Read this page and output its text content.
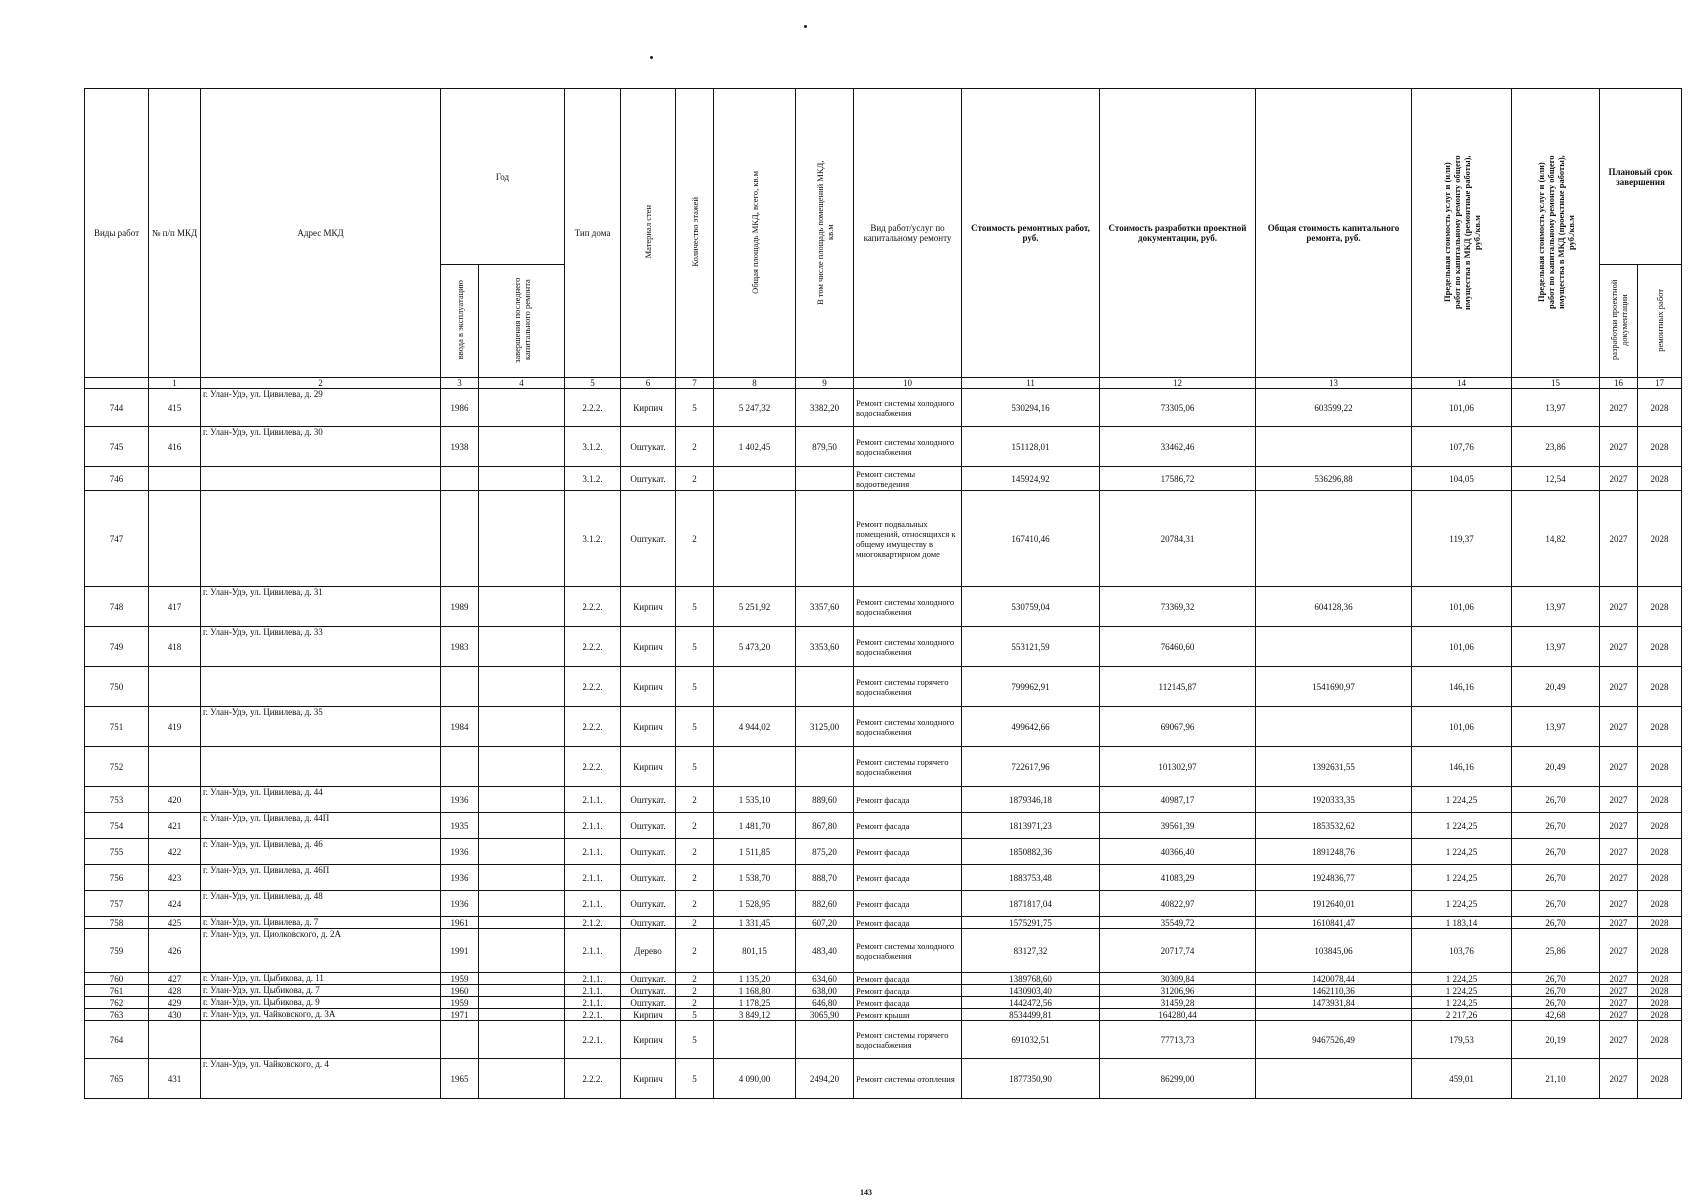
Виды работ	№ п/п МКД	Адрес МКД	Год		Тип дома	Материал стен	Количество этажей	Общая площадь МКД, всего, кв.м	В том числе площадь помещений МКД, кв.м	Вид работ/услуг по капитальному ремонту	Стоимость ремонтных работ, руб.	Стоимость разработки проектной документации, руб.	Общая стоимость капитального ремонта, руб.	Предельная стоимость услуг и (или) работ по капитальному ремонту общего имущества в МКД (ремонтные работы), руб./кв.м	Предельная стоимость услуг и (или) работ по капитальному ремонту общего имущества в МКД (проектные работы), руб./кв.м	Плановый срок завершения	
			ввода в эксплуатацию	завершения последнего капитального ремонта												разработки проектной документации	ремонтных работ
	1	2	3	4	5	6	7	8	9	10	11	12	13	14	15	16	17
744	415	г. Улан-Удэ, ул. Цивилева, д. 29	1986		2.2.2.	Кирпич	5	5 247,32	3382,20	Ремонт системы холодного водоснабжения	530294,16	73305,06	603599,22	101,06	13,97	2027	2028
745	416	г. Улан-Удэ, ул. Цивилева, д. 30	1938		3.1.2.	Оштукат.	2	1 402,45	879,50	Ремонт системы холодного водоснабжения	151128,01	33462,46		107,76	23,86	2027	2028
746					3.1.2.	Оштукат.	2			Ремонт системы водоотведения	145924,92	17586,72	536296,88	104,05	12,54	2027	2028
747					3.1.2.	Оштукат.	2			Ремонт подвальных помещений, относящихся к общему имуществу в многоквартирном доме	167410,46	20784,31		119,37	14,82	2027	2028
748	417	г. Улан-Удэ, ул. Цивилева, д. 31	1989		2.2.2.	Кирпич	5	5 251,92	3357,60	Ремонт системы холодного водоснабжения	530759,04	73369,32	604128,36	101,06	13,97	2027	2028
749	418	г. Улан-Удэ, ул. Цивилева, д. 33	1983		2.2.2.	Кирпич	5	5 473,20	3353,60	Ремонт системы холодного водоснабжения	553121,59	76460,60		101,06	13,97	2027	2028
750					2.2.2.	Кирпич	5			Ремонт системы горячего водоснабжения	799962,91	112145,87	1541690,97	146,16	20,49	2027	2028
751	419	г. Улан-Удэ, ул. Цивилева, д. 35	1984		2.2.2.	Кирпич	5	4 944,02	3125,00	Ремонт системы холодного водоснабжения	499642,66	69067,96		101,06	13,97	2027	2028
752					2.2.2.	Кирпич	5			Ремонт системы горячего водоснабжения	722617,96	101302,97	1392631,55	146,16	20,49	2027	2028
753	420	г. Улан-Удэ, ул. Цивилева, д. 44	1936		2.1.1.	Оштукат.	2	1 535,10	889,60	Ремонт фасада	1879346,18	40987,17	1920333,35	1 224,25	26,70	2027	2028
754	421	г. Улан-Удэ, ул. Цивилева, д. 44П	1935		2.1.1.	Оштукат.	2	1 481,70	867,80	Ремонт фасада	1813971,23	39561,39	1853532,62	1 224,25	26,70	2027	2028
755	422	г. Улан-Удэ, ул. Цивилева, д. 46	1936		2.1.1.	Оштукат.	2	1 511,85	875,20	Ремонт фасада	1850882,36	40366,40	1891248,76	1 224,25	26,70	2027	2028
756	423	г. Улан-Удэ, ул. Цивилева, д. 46П	1936		2.1.1.	Оштукат.	2	1 538,70	888,70	Ремонт фасада	1883753,48	41083,29	1924836,77	1 224,25	26,70	2027	2028
757	424	г. Улан-Удэ, ул. Цивилева, д. 48	1936		2.1.1.	Оштукат.	2	1 528,95	882,60	Ремонт фасада	1871817,04	40822,97	1912640,01	1 224,25	26,70	2027	2028
758	425	г. Улан-Удэ, ул. Цивилева, д. 7	1961		2.1.2.	Оштукат.	2	1 331,45	607,20	Ремонт фасада	1575291,75	35549,72	1610841,47	1 183,14	26,70	2027	2028
759	426	г. Улан-Удэ, ул. Циолковского, д. 2А	1991		2.1.1.	Дерево	2	801,15	483,40	Ремонт системы холодного водоснабжения	83127,32	20717,74	103845,06	103,76	25,86	2027	2028
760	427	г. Улан-Удэ, ул. Цыбикова, д. 11	1959		2.1.1.	Оштукат.	2	1 135,20	634,60	Ремонт фасада	1389768,60	30309,84	1420078,44	1 224,25	26,70	2027	2028
761	428	г. Улан-Удэ, ул. Цыбикова, д. 7	1960		2.1.1.	Оштукат.	2	1 168,80	638,00	Ремонт фасада	1430903,40	31206,96	1462110,36	1 224,25	26,70	2027	2028
762	429	г. Улан-Удэ, ул. Цыбикова, д. 9	1959		2.1.1.	Оштукат.	2	1 178,25	646,80	Ремонт фасада	1442472,56	31459,28	1473931,84	1 224,25	26,70	2027	2028
763	430	г. Улан-Удэ, ул. Чайковского, д. 3А	1971		2.2.1.	Кирпич	5	3 849,12	3065,90	Ремонт крыши	8534499,81	164280,44		2 217,26	42,68	2027	2028
764					2.2.1.	Кирпич	5			Ремонт системы горячего водоснабжения	691032,51	77713,73	9467526,49	179,53	20,19	2027	2028
765	431	г. Улан-Удэ, ул. Чайковского, д. 4	1965		2.2.2.	Кирпич	5	4 090,00	2494,20	Ремонт системы отопления	1877350,90	86299,00		459,01	21,10	2027	2028
143
